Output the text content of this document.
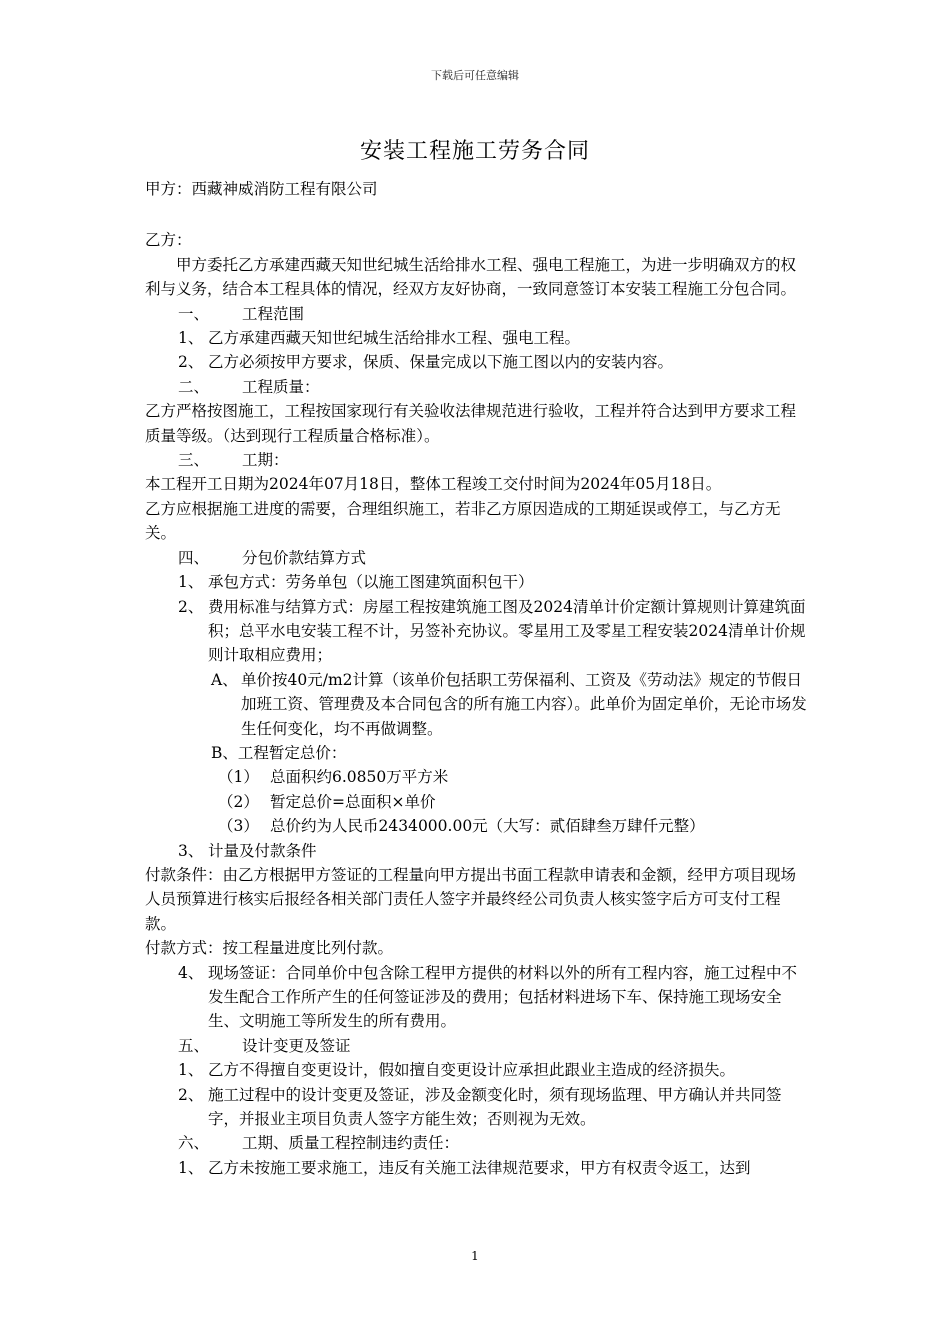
下载后可任意编辑
安装工程施工劳务合同

甲方：西藏神威消防工程有限公司

乙方：

甲方委托乙方承建西藏天知世纪城生活给排水工程、强电工程施工，为进一步明确双方的权利与义务，结合本工程具体的情况，经双方友好协商，一致同意签订本安装工程施工分包合同。

一、 工程范围

1、 乙方承建西藏天知世纪城生活给排水工程、强电工程。
2、 乙方必须按甲方要求，保质、保量完成以下施工图以内的安装内容。

二、 工程质量：

乙方严格按图施工，工程按国家现行有关验收法律规范进行验收，工程并符合达到甲方要求工程质量等级。（达到现行工程质量合格标准）。

三、 工期：

本工程开工日期为2024年07月18日，整体工程竣工交付时间为2024年05月18日。

乙方应根据施工进度的需要，合理组织施工，若非乙方原因造成的工期延误或停工，与乙方无关。

四、 分包价款结算方式

1、 承包方式：劳务单包（以施工图建筑面积包干）
2、 费用标准与结算方式：房屋工程按建筑施工图及2024清单计价定额计算规则计算建筑面积；总平水电安装工程不计，另签补充协议。零星用工及零星工程安装2024清单计价规则计取相应费用；
A、 单价按40元/m2计算（该单价包括职工劳保福利、工资及《劳动法》规定的节假日加班工资、管理费及本合同包含的所有施工内容）。此单价为固定单价，无论市场发生任何变化，均不再做调整。

B、工程暂定总价：

（1） 总面积约6.0850万平方米

（2） 暂定总价=总面积×单价

（3） 总价约为人民币2434000.00元（大写：贰佰肆叁万肆仟元整）

3、 计量及付款条件

付款条件：由乙方根据甲方签证的工程量向甲方提出书面工程款申请表和金额，经甲方项目现场人员预算进行核实后报经各相关部门责任人签字并最终经公司负责人核实签字后方可支付工程款。

付款方式：按工程量进度比列付款。

4、 现场签证：合同单价中包含除工程甲方提供的材料以外的所有工程内容，施工过程中不发生配合工作所产生的任何签证涉及的费用；包括材料进场下车、保持施工现场安全生、文明施工等所发生的所有费用。

五、 设计变更及签证

1、 乙方不得擅自变更设计，假如擅自变更设计应承担此跟业主造成的经济损失。
2、 施工过程中的设计变更及签证，涉及金额变化时，须有现场监理、甲方确认并共同签字，并报业主项目负责人签字方能生效；否则视为无效。

六、 工期、质量工程控制违约责任：

1、 乙方未按施工要求施工，违反有关施工法律规范要求，甲方有权责令返工，达到
1
